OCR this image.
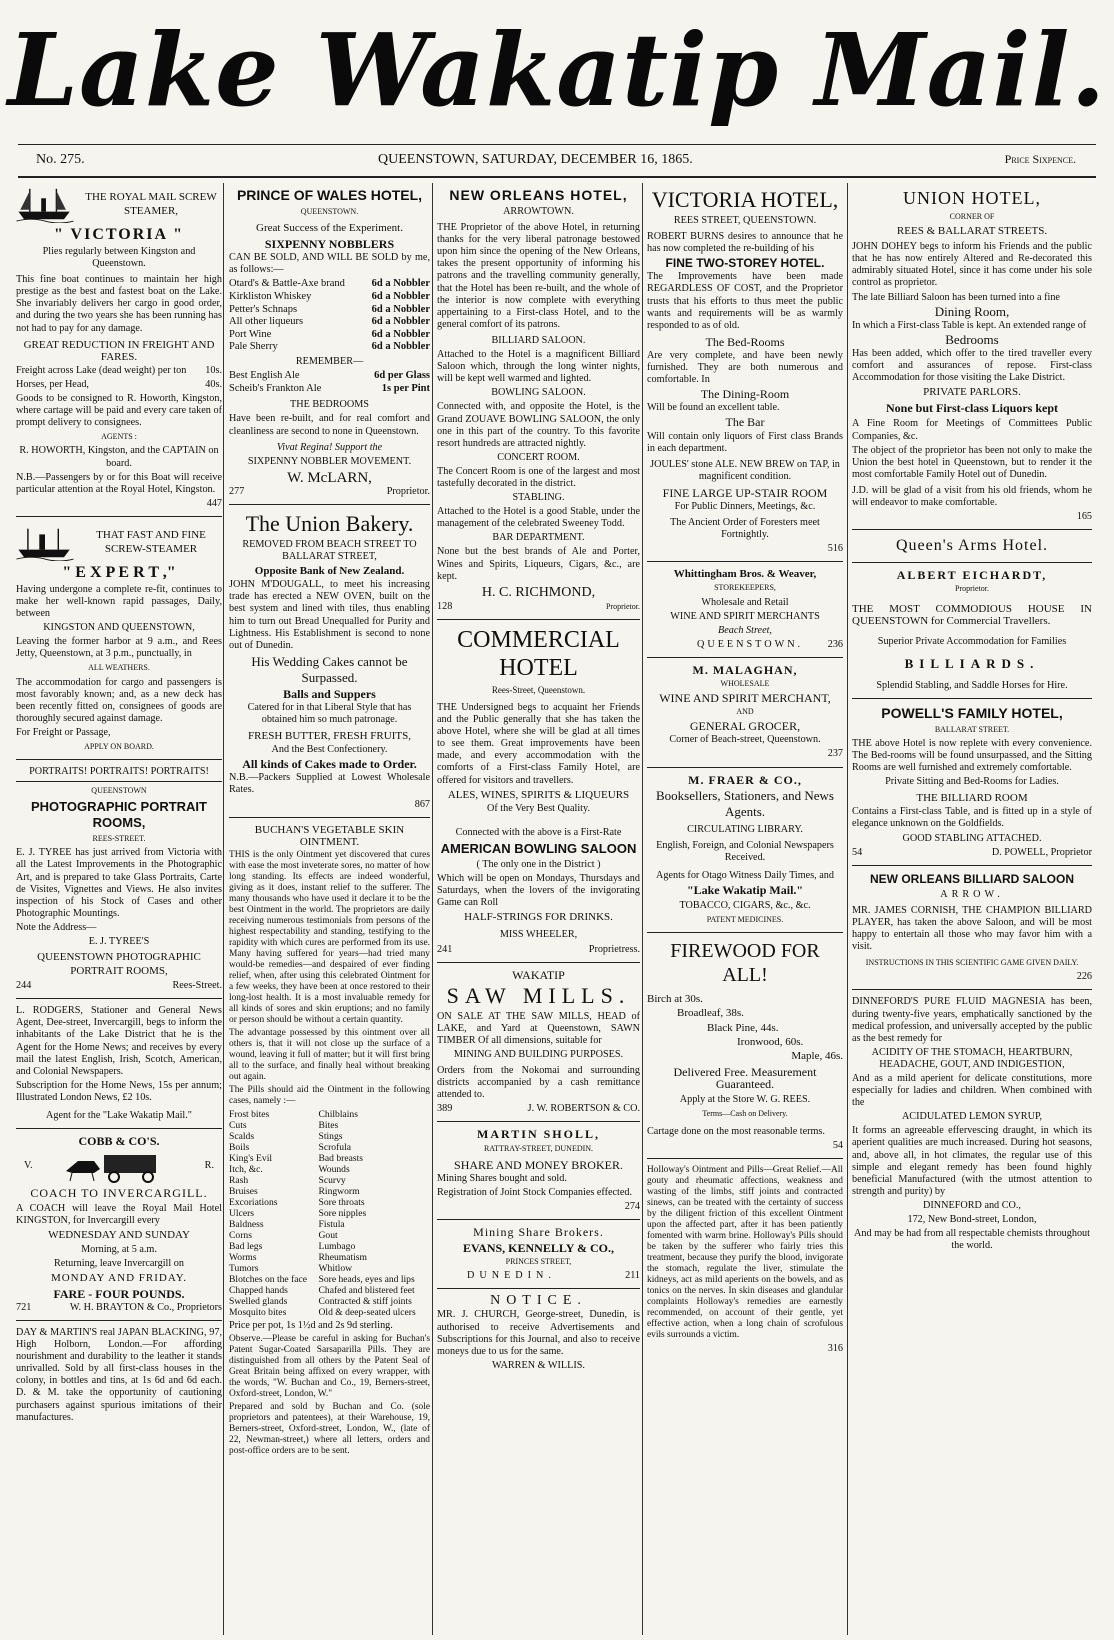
Lake Wakatip Mail.
No. 275.	QUEENSTOWN, SATURDAY, DECEMBER 16, 1865.	Price Sixpence.
THE ROYAL MAIL SCREW STEAMER,

" VICTORIA "

Plies regularly between Kingston and Queenstown.

This fine boat continues to maintain her high prestige as the best and fastest boat on the Lake. She invariably delivers her cargo in good order, and during the two years she has been running has not had to pay for any damage.

GREAT REDUCTION IN FREIGHT AND FARES.

Freight across Lake (dead weight) per ton 10s.

Horses, per Head,	40s.

Goods to be consigned to R. Howorth, Kingston, where cartage will be paid and every care taken of prompt delivery to consignees.

AGENTS :

R. HOWORTH, Kingston, and the CAPTAIN on board.

N.B.—Passengers by or for this Boat will receive particular attention at the Royal Hotel, Kingston.

447

THAT FAST AND FINE SCREW-STEAMER

" E X P E R T ,"

Having undergone a complete re-fit, continues to make her well-known rapid passages, Daily, between

KINGSTON AND QUEENSTOWN,

Leaving the former harbor at 9 a.m., and Rees Jetty, Queenstown, at 3 p.m., punctually, in

ALL WEATHERS.

The accommodation for cargo and passengers is most favorably known; and, as a new deck has been recently fitted on, consignees of goods are thoroughly secured against damage.

For Freight or Passage,

APPLY ON BOARD.

PORTRAITS! PORTRAITS! PORTRAITS!

QUEENSTOWN

PHOTOGRAPHIC PORTRAIT ROOMS,

REES-STREET.

E. J. TYREE has just arrived from Victoria with all the Latest Improvements in the Photographic Art, and is prepared to take Glass Portraits, Carte de Visites, Vignettes and Views. He also invites inspection of his Stock of Cases and other Photographic Mountings.

Note the Address—

E. J. TYREE'S

QUEENSTOWN PHOTOGRAPHIC PORTRAIT ROOMS,

244	Rees-Street.

L. RODGERS, Stationer and General News Agent, Dee-street, Invercargill, begs to inform the inhabitants of the Lake District that he is the Agent for the Home News; and receives by every mail the latest English, Irish, Scotch, American, and Colonial Newspapers.

Subscription for the Home News, 15s per annum; Illustrated London News, £2 10s.

Agent for the "Lake Wakatip Mail."

COBB & CO'S.

V.	R.

COACH TO INVERCARGILL.

A COACH will leave the Royal Mail Hotel KINGSTON, for Invercargill every

WEDNESDAY AND SUNDAY

Morning, at 5 a.m.

Returning, leave Invercargill on

MONDAY AND FRIDAY.

FARE - FOUR POUNDS.

721	W. H. BRAYTON & Co., Proprietors

DAY & MARTIN'S real JAPAN BLACKING, 97, High Holborn, London.—For affording nourishment and durability to the leather it stands unrivalled. Sold by all first-class houses in the colony, in bottles and tins, at 1s 6d and 6d each. D. & M. take the opportunity of cautioning purchasers against spurious imitations of their manufactures.

PRINCE OF WALES HOTEL,

QUEENSTOWN.

Great Success of the Experiment.

SIXPENNY NOBBLERS

CAN BE SOLD, AND WILL BE SOLD by me, as follows:—

Otard's & Battle-Axe brand	6d a Nobbler
Kirkliston Whiskey	6d a Nobbler
Petter's Schnaps	6d a Nobbler
All other liqueurs	6d a Nobbler
Port Wine	6d a Nobbler
Pale Sherry	6d a Nobbler

REMEMBER—

Best English Ale	6d per Glass
Scheib's Frankton Ale	1s per Pint

THE BEDROOMS

Have been re-built, and for real comfort and cleanliness are second to none in Queenstown.

Vivat Regina! Support the

SIXPENNY NOBBLER MOVEMENT.

W. McLARN,

277	Proprietor.

The Union Bakery.

REMOVED FROM BEACH STREET TO BALLARAT STREET,

Opposite Bank of New Zealand.

JOHN M'DOUGALL, to meet his increasing trade has erected a NEW OVEN, built on the best system and lined with tiles, thus enabling him to turn out Bread Unequalled for Purity and Lightness. His Establishment is second to none out of Dunedin.

His Wedding Cakes cannot be Surpassed.

Balls and Suppers

Catered for in that Liberal Style that has obtained him so much patronage.

FRESH BUTTER, FRESH FRUITS,

And the Best Confectionery.

All kinds of Cakes made to Order.

N.B.—Packers Supplied at Lowest Wholesale Rates.

867

BUCHAN'S VEGETABLE SKIN OINTMENT.

THIS is the only Ointment yet discovered that cures with ease the most inveterate sores, no matter of how long standing. Its effects are indeed wonderful, giving as it does, instant relief to the sufferer. The many thousands who have used it declare it to be the best Ointment in the world. The proprietors are daily receiving numerous testimonials from persons of the highest respectability and standing, testifying to the rapidity with which cures are performed from its use. Many having suffered for years—had tried many would-be remedies—and despaired of ever finding relief, when, after using this celebrated Ointment for a few weeks, they have been at once restored to their long-lost health. It is a most invaluable remedy for all kinds of sores and skin eruptions; and no family or person should be without a certain quantity.

The advantage possessed by this ointment over all others is, that it will not close up the surface of a wound, leaving it full of matter; but it will first bring all to the surface, and finally heal without breaking out again.

The Pills should aid the Ointment in the following cases, namely :—

Frost bites	Chilblains
Cuts	Bites
Scalds	Stings
Boils	Scrofula
King's Evil	Bad breasts
Itch, &c.	Wounds
Rash	Scurvy
Bruises	Ringworm
Excoriations	Sore throats
Ulcers	Sore nipples
Baldness	Fistula
Corns	Gout
Bad legs	Lumbago
Worms	Rheumatism
Tumors	Whitlow
Blotches on the face	Sore heads, eyes and lips
Chapped hands	Chafed and blistered feet
Swelled glands	Contracted & stiff joints
Mosquito bites	Old & deep-seated ulcers

Price per pot, 1s 1½d and 2s 9d sterling.

Observe.—Please be careful in asking for Buchan's Patent Sugar-Coated Sarsaparilla Pills. They are distinguished from all others by the Patent Seal of Great Britain being affixed on every wrapper, with the words, "W. Buchan and Co., 19, Berners-street, Oxford-street, London, W."

Prepared and sold by Buchan and Co. (sole proprietors and patentees), at their Warehouse, 19, Berners-street, Oxford-street, London, W., (late of 22, Newman-street,) where all letters, orders and post-office orders are to be sent.

NEW ORLEANS HOTEL,

ARROWTOWN.

THE Proprietor of the above Hotel, in returning thanks for the very liberal patronage bestowed upon him since the opening of the New Orleans, takes the present opportunity of informing his patrons and the travelling community generally, that the Hotel has been re-built, and the whole of the interior is now complete with everything appertaining to a First-class Hotel, and to the general comfort of its patrons.

BILLIARD SALOON.

Attached to the Hotel is a magnificent Billiard Saloon which, through the long winter nights, will be kept well warmed and lighted.

BOWLING SALOON.

Connected with, and opposite the Hotel, is the Grand ZOUAVE BOWLING SALOON, the only one in this part of the country. To this favorite resort hundreds are attracted nightly.

CONCERT ROOM.

The Concert Room is one of the largest and most tastefully decorated in the district.

STABLING.

Attached to the Hotel is a good Stable, under the management of the celebrated Sweeney Todd.

BAR DEPARTMENT.

None but the best brands of Ale and Porter, Wines and Spirits, Liqueurs, Cigars, &c., are kept.

H. C. RICHMOND,

128	Proprietor.

COMMERCIAL HOTEL

Rees-Street, Queenstown.

THE Undersigned begs to acquaint her Friends and the Public generally that she has taken the above Hotel, where she will be glad at all times to see them. Great improvements have been made, and every accommodation with the comforts of a First-class Family Hotel, are offered for visitors and travellers.

ALES, WINES, SPIRITS & LIQUEURS

Of the Very Best Quality.

Connected with the above is a First-Rate

AMERICAN BOWLING SALOON

( The only one in the District )

Which will be open on Mondays, Thursdays and Saturdays, when the lovers of the invigorating Game can Roll

HALF-STRINGS FOR DRINKS.

MISS WHEELER,

241	Proprietress.

WAKATIP

SAW MILLS.

ON SALE AT THE SAW MILLS, HEAD of LAKE, and Yard at Queenstown, SAWN TIMBER Of all dimensions, suitable for

MINING AND BUILDING PURPOSES.

Orders from the Nokomai and surrounding districts accompanied by a cash remittance attended to.

389	J. W. ROBERTSON & CO.

MARTIN SHOLL,

RATTRAY-STREET, DUNEDIN.

SHARE AND MONEY BROKER.

Mining Shares bought and sold.

Registration of Joint Stock Companies effected.

274

Mining Share Brokers.

EVANS, KENNELLY & CO.,

PRINCES STREET,

DUNEDIN.	211

NOTICE.

MR. J. CHURCH, George-street, Dunedin, is authorised to receive Advertisements and Subscriptions for this Journal, and also to receive moneys due to us for the same.

WARREN & WILLIS.

VICTORIA HOTEL,

REES STREET, QUEENSTOWN.

ROBERT BURNS desires to announce that he has now completed the re-building of his

FINE TWO-STOREY HOTEL.

The Improvements have been made REGARDLESS OF COST, and the Proprietor trusts that his efforts to thus meet the public wants and requirements will be as warmly responded to as of old.

The Bed-Rooms

Are very complete, and have been newly furnished. They are both numerous and comfortable. In

The Dining-Room

Will be found an excellent table.

The Bar

Will contain only liquors of First class Brands in each department.

JOULES' stone ALE. NEW BREW on TAP, in magnificent condition.

FINE LARGE UP-STAIR ROOM

For Public Dinners, Meetings, &c.

The Ancient Order of Foresters meet Fortnightly.

516

Whittingham Bros. & Weaver,

STOREKEEPERS,

Wholesale and Retail

WINE AND SPIRIT MERCHANTS

Beach Street,

QUEENSTOWN. 236

M. MALAGHAN,

WHOLESALE

WINE AND SPIRIT MERCHANT,

AND

GENERAL GROCER,

Corner of Beach-street, Queenstown.

237

M. FRAER & CO.,

Booksellers, Stationers, and News Agents.

CIRCULATING LIBRARY.

English, Foreign, and Colonial Newspapers Received.

Agents for Otago Witness Daily Times, and

"Lake Wakatip Mail."

TOBACCO, CIGARS, &c., &c.

PATENT MEDICINES.

FIREWOOD FOR ALL!

Birch at 30s.

Broadleaf, 38s.

Black Pine, 44s.

Ironwood, 60s.

Maple, 46s.

Delivered Free. Measurement Guaranteed.

Apply at the Store W. G. REES.

Terms—Cash on Delivery.

Cartage done on the most reasonable terms.

54

Holloway's Ointment and Pills—Great Relief.—All gouty and rheumatic affections, weakness and wasting of the limbs, stiff joints and contracted sinews, can be treated with the certainty of success by the diligent friction of this excellent Ointment upon the affected part, after it has been patiently fomented with warm brine. Holloway's Pills should be taken by the sufferer who fairly tries this treatment, because they purify the blood, invigorate the stomach, regulate the liver, stimulate the kidneys, act as mild aperients on the bowels, and as tonics on the nerves. In skin diseases and glandular complaints Holloway's remedies are earnestly recommended, on account of their gentle, yet effective action, when a long chain of scrofulous evils surrounds a victim.

316

UNION HOTEL,

CORNER OF

REES & BALLARAT STREETS.

JOHN DOHEY begs to inform his Friends and the public that he has now entirely Altered and Re-decorated this admirably situated Hotel, since it has come under his sole control as proprietor.

The late Billiard Saloon has been turned into a fine

Dining Room,

In which a First-class Table is kept. An extended range of

Bedrooms

Has been added, which offer to the tired traveller every comfort and assurances of repose. First-class Accommodation for those visiting the Lake District.

PRIVATE PARLORS.

None but First-class Liquors kept

A Fine Room for Meetings of Committees Public Companies, &c.

The object of the proprietor has been not only to make the Union the best hotel in Queenstown, but to render it the most comfortable Family Hotel out of Dunedin.

J.D. will be glad of a visit from his old friends, whom he will endeavor to make comfortable.

165

Queen's Arms Hotel.

ALBERT EICHARDT,

Proprietor.

THE MOST COMMODIOUS HOUSE IN QUEENSTOWN for Commercial Travellers.

Superior Private Accommodation for Families

BILLIARDS.

Splendid Stabling, and Saddle Horses for Hire.

POWELL'S FAMILY HOTEL,

BALLARAT STREET.

THE above Hotel is now replete with every convenience. The Bed-rooms will be found unsurpassed, and the Sitting Rooms are well furnished and extremely comfortable.

Private Sitting and Bed-Rooms for Ladies.

THE BILLIARD ROOM

Contains a First-class Table, and is fitted up in a style of elegance unknown on the Goldfields.

GOOD STABLING ATTACHED.

54	D. POWELL, Proprietor

NEW ORLEANS BILLIARD SALOON

ARROW.

MR. JAMES CORNISH, THE CHAMPION BILLIARD PLAYER, has taken the above Saloon, and will be most happy to entertain all those who may favor him with a visit.

INSTRUCTIONS IN THIS SCIENTIFIC GAME GIVEN DAILY.

226

DINNEFORD'S PURE FLUID MAGNESIA has been, during twenty-five years, emphatically sanctioned by the medical profession, and universally accepted by the public as the best remedy for

ACIDITY OF THE STOMACH, HEARTBURN, HEADACHE, GOUT, AND INDIGESTION,

And as a mild aperient for delicate constitutions, more especially for ladies and children. When combined with the

ACIDULATED LEMON SYRUP,

It forms an agreeable effervescing draught, in which its aperient qualities are much increased. During hot seasons, and, above all, in hot climates, the regular use of this simple and elegant remedy has been found highly beneficial Manufactured (with the utmost attention to strength and purity) by

DINNEFORD and CO.,

172, New Bond-street, London,

And may be had from all respectable chemists throughout the world.
